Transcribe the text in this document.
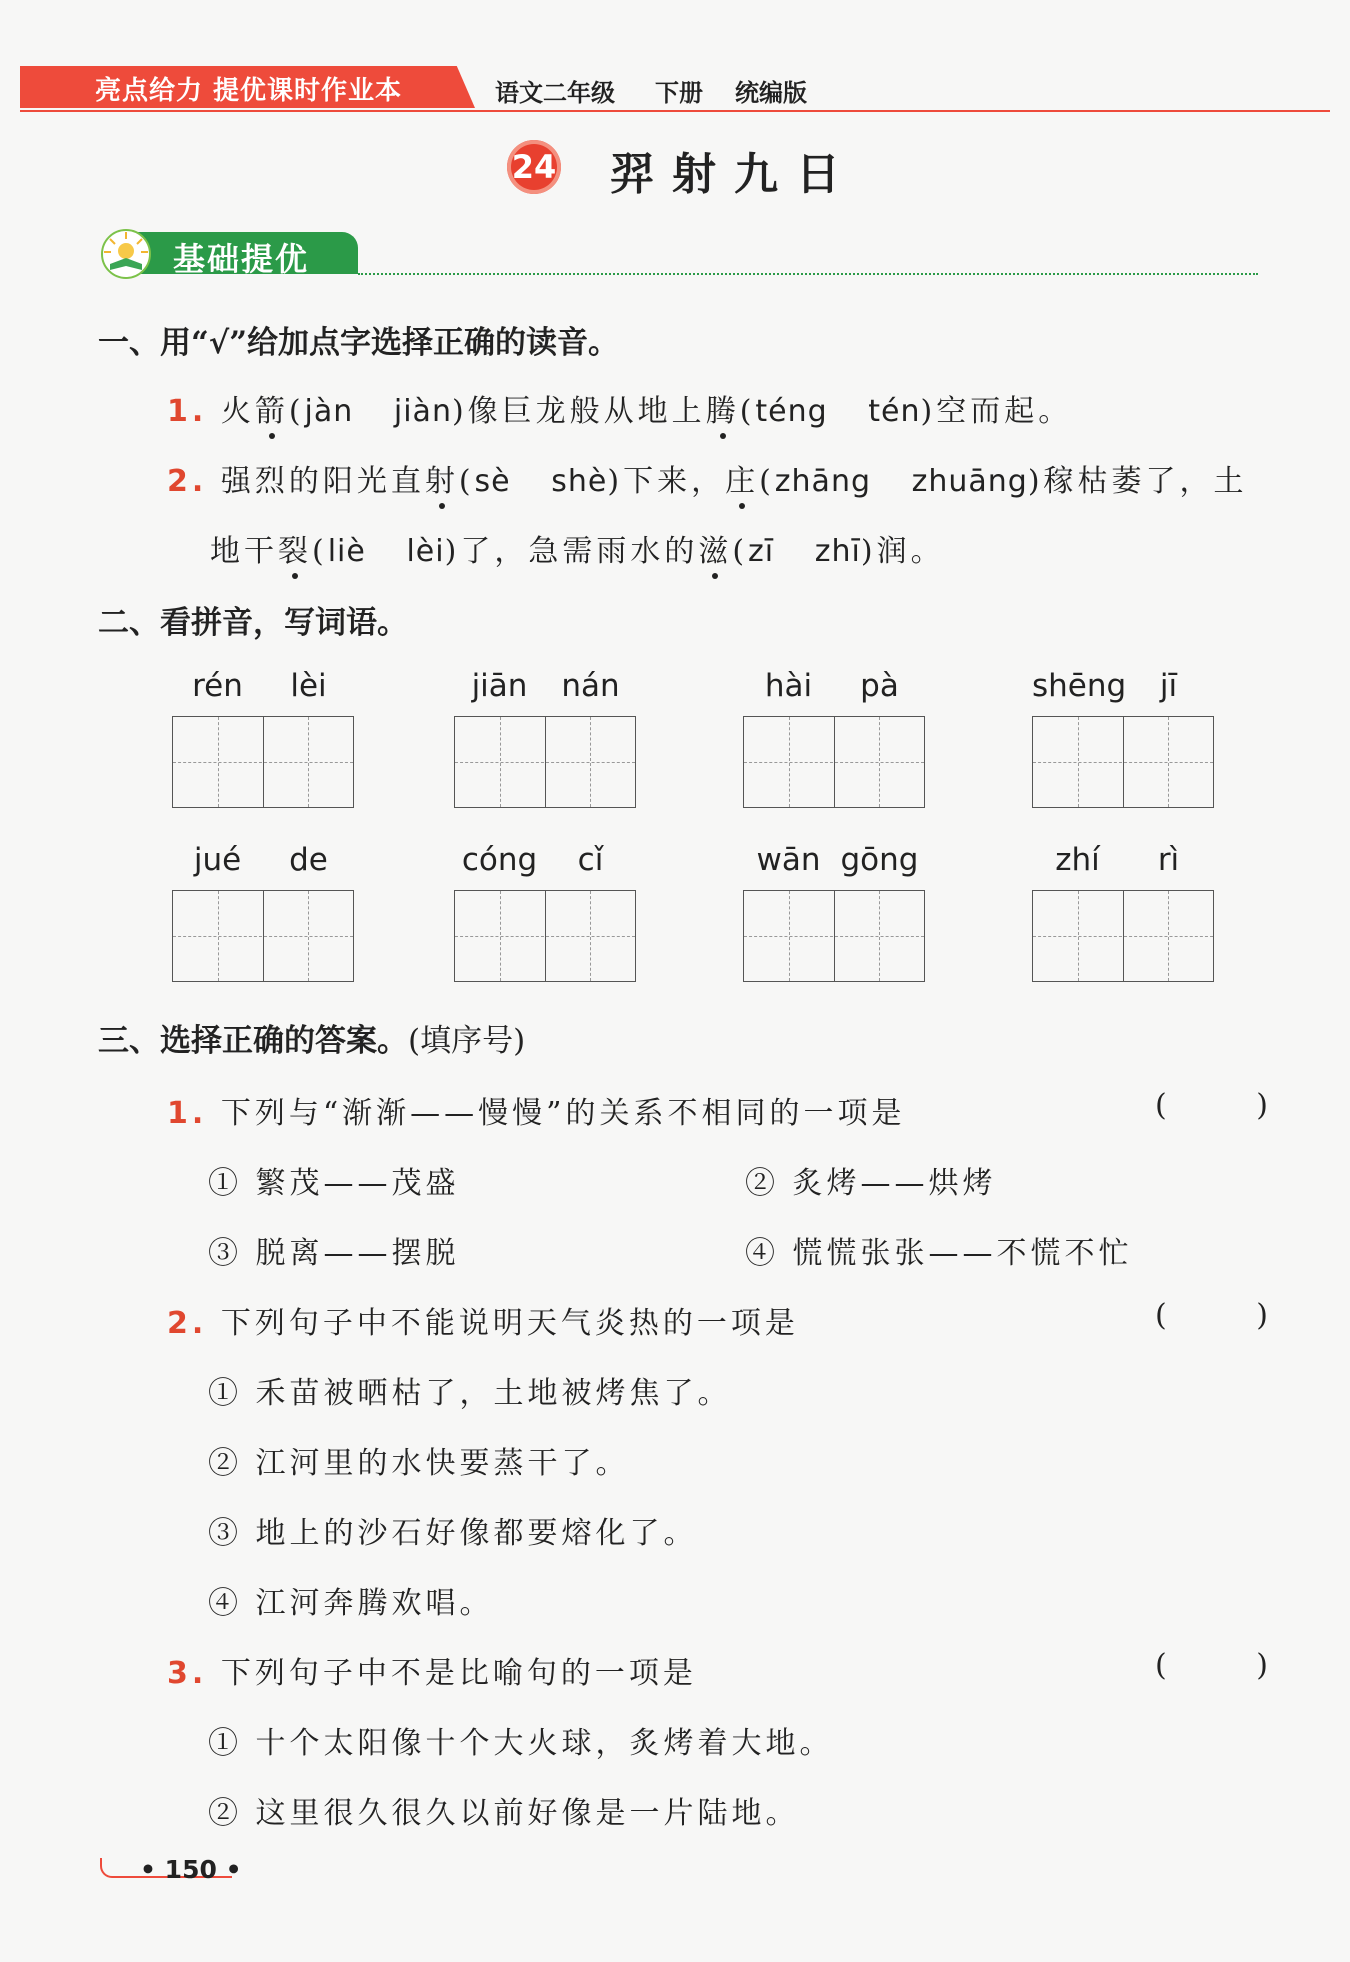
亮点给力 提优课时作业本	语文二年级 下册 统编版
24 羿射九日
基础提优
一、用“√”给加点字选择正确的读音。
1. 火箭(jàn jiàn)像巨龙般从地上腾(téng tén)空而起。
2. 强烈的阳光直射(sè shè)下来，庄(zhāng zhuāng)稼枯萎了，土
地干裂(liè lèi)了，急需雨水的滋(zī zhī)润。
二、看拼音，写词语。
rén	lèi	jiān	nán	hài	pà	shēng	jī
jué	de	cóng	cǐ	wān gōng	zhí	rì
三、选择正确的答案。(填序号)
1. 下列与“渐渐——慢慢”的关系不相同的一项是	( )
① 繁茂——茂盛	② 炙烤——烘烤
③ 脱离——摆脱	④ 慌慌张张——不慌不忙
2. 下列句子中不能说明天气炎热的一项是	( )
① 禾苗被晒枯了，土地被烤焦了。
② 江河里的水快要蒸干了。
③ 地上的沙石好像都要熔化了。
④ 江河奔腾欢唱。
3. 下列句子中不是比喻句的一项是	( )
① 十个太阳像十个大火球，炙烤着大地。
② 这里很久很久以前好像是一片陆地。
• 150 •
